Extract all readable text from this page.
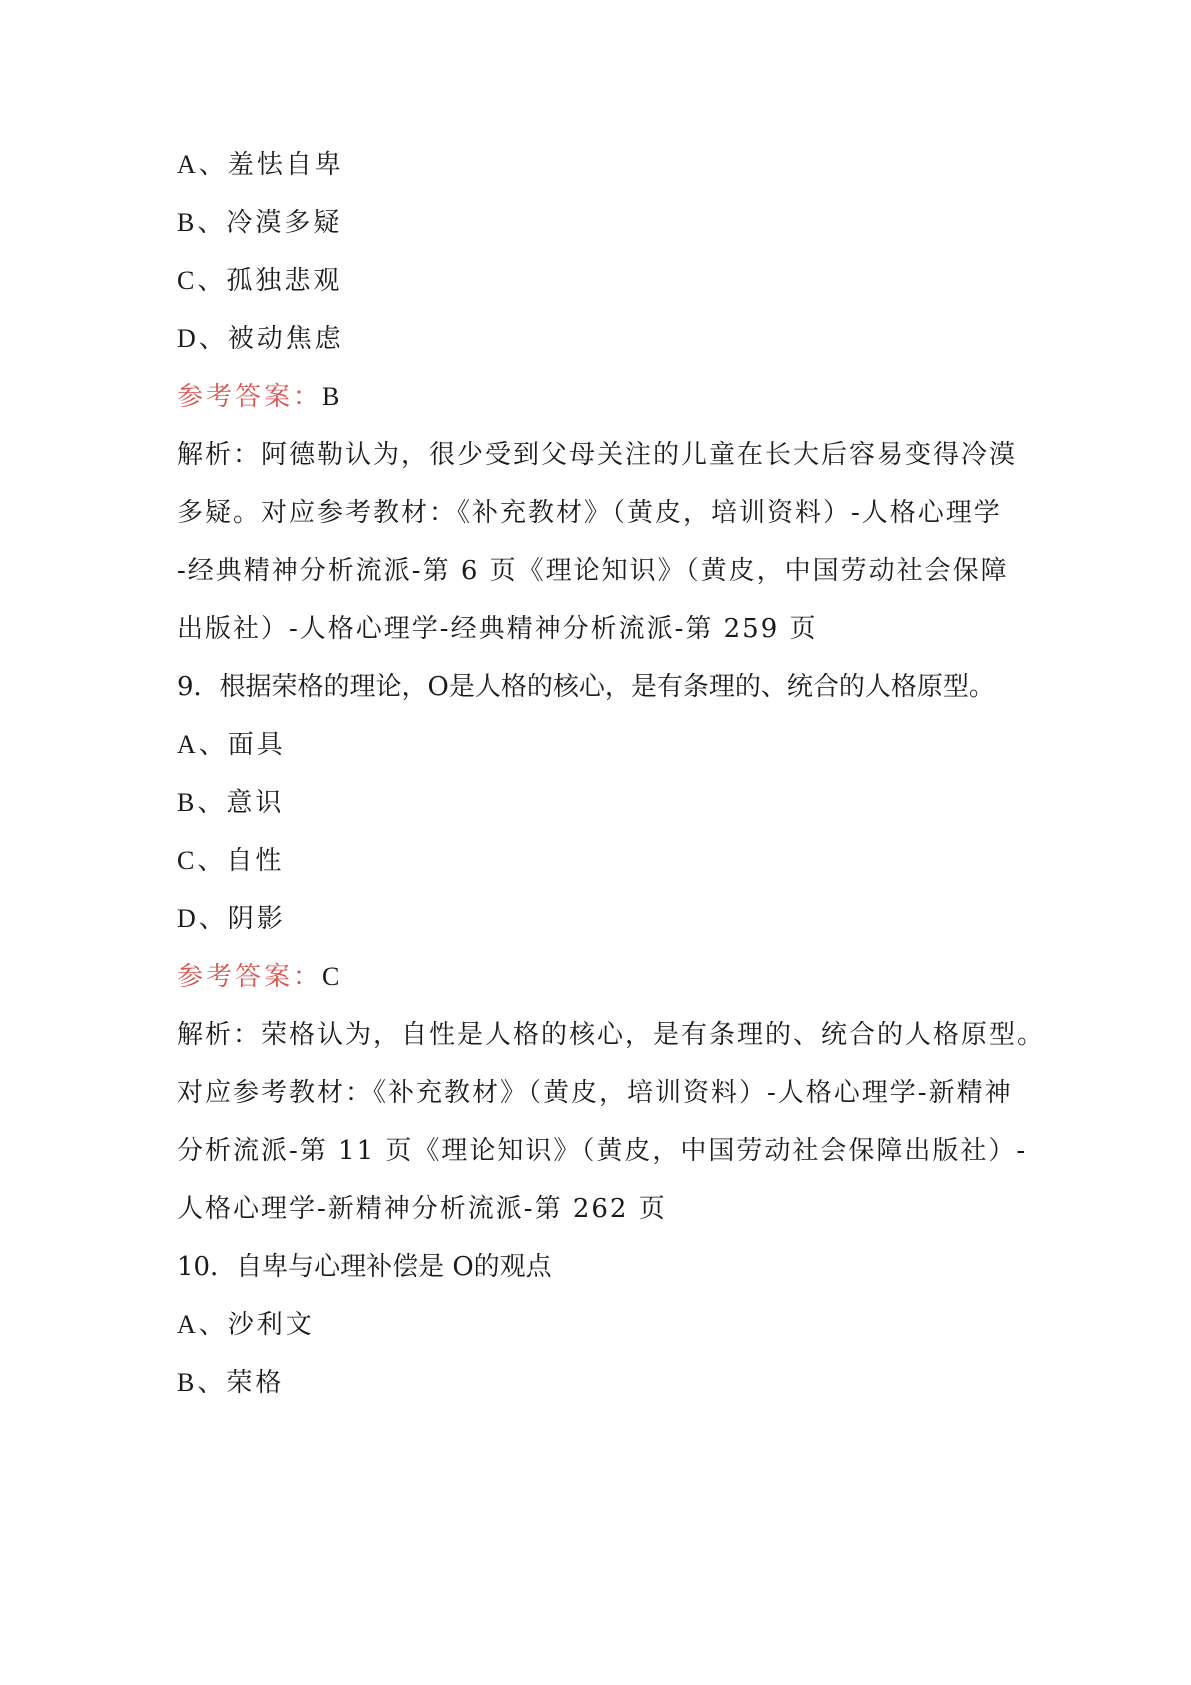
A、羞怯自卑

B、冷漠多疑

C、孤独悲观

D、被动焦虑

参考答案：B

解析：阿德勒认为，很少受到父母关注的儿童在长大后容易变得冷漠

多疑。对应参考教材：《补充教材》（黄皮，培训资料）-人格心理学

-经典精神分析流派-第 6 页《理论知识》（黄皮，中国劳动社会保障

出版社）-人格心理学-经典精神分析流派-第 259 页

9．根据荣格的理论，O是人格的核心，是有条理的、统合的人格原型。

A、面具

B、意识

C、自性

D、阴影

参考答案：C

解析：荣格认为，自性是人格的核心，是有条理的、统合的人格原型。

对应参考教材：《补充教材》（黄皮，培训资料）-人格心理学-新精神

分析流派-第 11 页《理论知识》（黄皮，中国劳动社会保障出版社）-

人格心理学-新精神分析流派-第 262 页

10．自卑与心理补偿是 O的观点

A、沙利文

B、荣格
